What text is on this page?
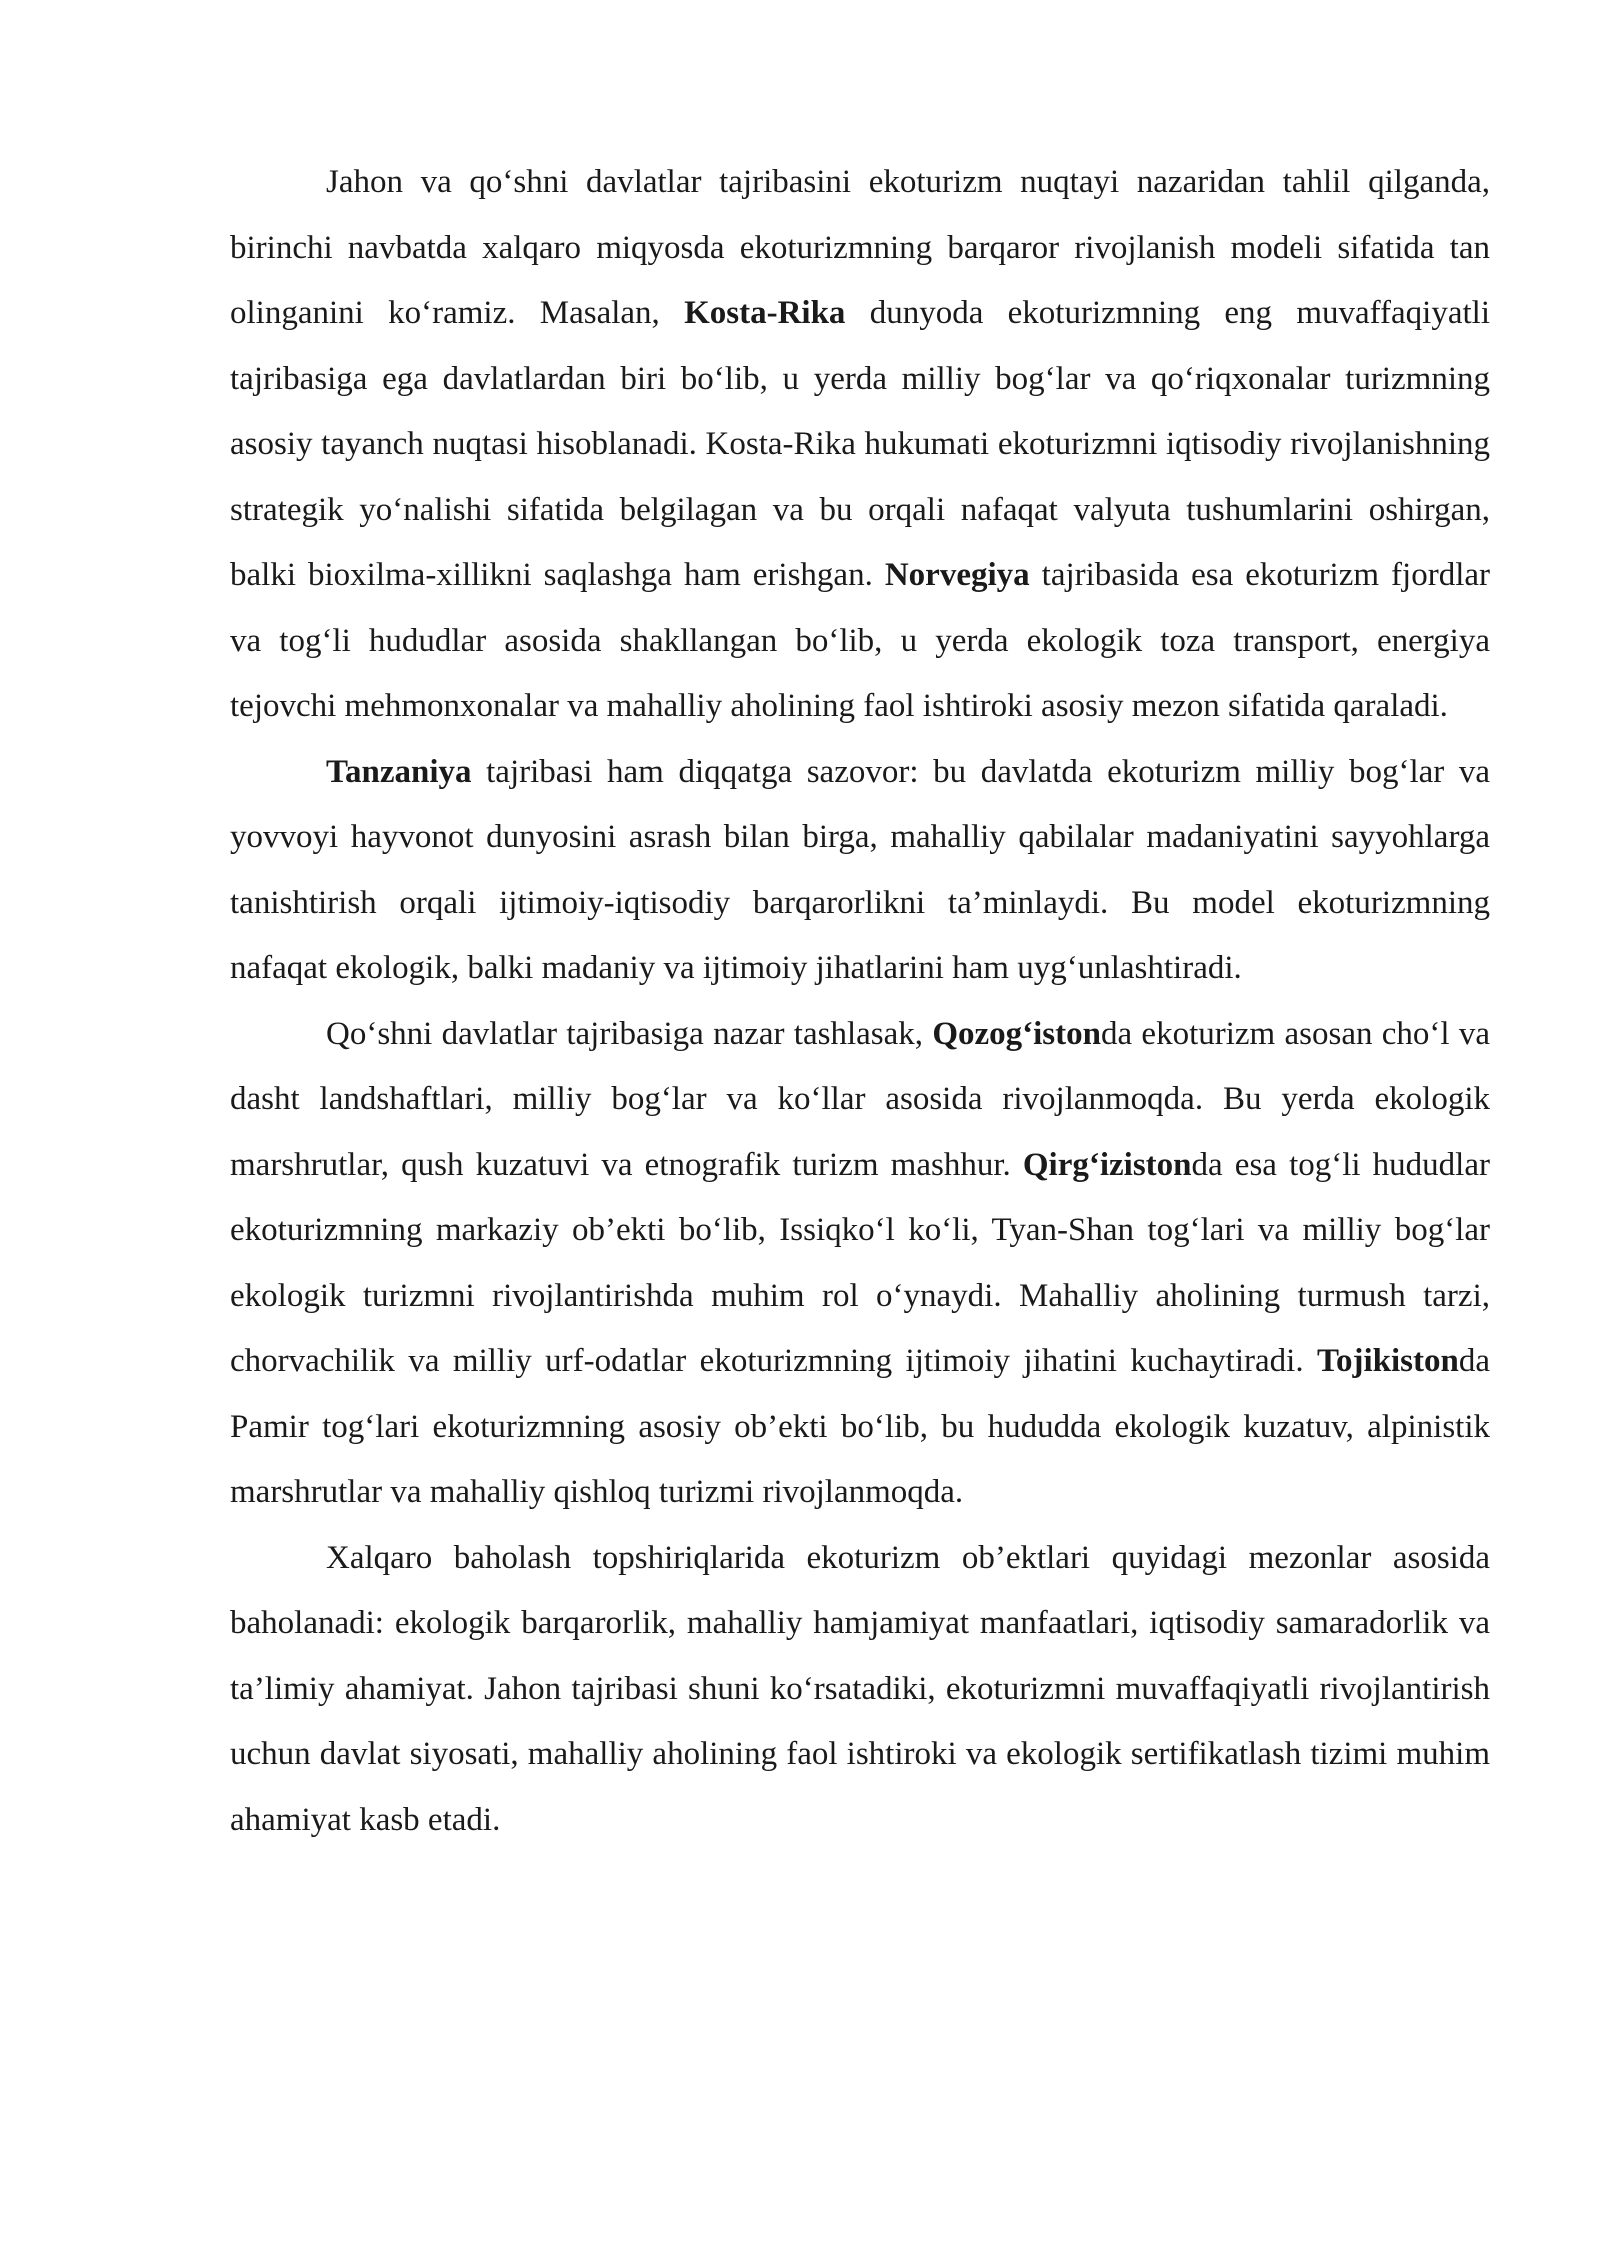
Jahon va qo‘shni davlatlar tajribasini ekoturizm nuqtayi nazaridan tahlil qilganda, birinchi navbatda xalqaro miqyosda ekoturizmning barqaror rivojlanish modeli sifatida tan olinganini ko‘ramiz. Masalan, Kosta-Rika dunyoda ekoturizmning eng muvaffaqiyatli tajribasiga ega davlatlardan biri bo‘lib, u yerda milliy bog‘lar va qo‘riqxonalar turizmning asosiy tayanch nuqtasi hisoblanadi. Kosta-Rika hukumati ekoturizmni iqtisodiy rivojlanishning strategik yo‘nalishi sifatida belgilagan va bu orqali nafaqat valyuta tushumlarini oshirgan, balki bioxilma-xillikni saqlashga ham erishgan. Norvegiya tajribasida esa ekoturizm fjordlar va tog‘li hududlar asosida shakllangan bo‘lib, u yerda ekologik toza transport, energiya tejovchi mehmonxonalar va mahalliy aholining faol ishtiroki asosiy mezon sifatida qaraladi.

Tanzaniya tajribasi ham diqqatga sazovor: bu davlatda ekoturizm milliy bog‘lar va yovvoyi hayvonot dunyosini asrash bilan birga, mahalliy qabilalar madaniyatini sayyohlarga tanishtirish orqali ijtimoiy-iqtisodiy barqarorlikni ta’minlaydi. Bu model ekoturizmning nafaqat ekologik, balki madaniy va ijtimoiy jihatlarini ham uyg‘unlashtiradi.

Qo‘shni davlatlar tajribasiga nazar tashlasak, Qozog‘istonda ekoturizm asosan cho‘l va dasht landshaftlari, milliy bog‘lar va ko‘llar asosida rivojlanmoqda. Bu yerda ekologik marshrutlar, qush kuzatuvi va etnografik turizm mashhur. Qirg‘izistonda esa tog‘li hududlar ekoturizmning markaziy ob’ekti bo‘lib, Issiqko‘l ko‘li, Tyan-Shan tog‘lari va milliy bog‘lar ekologik turizmni rivojlantirishda muhim rol o‘ynaydi. Mahalliy aholining turmush tarzi, chorvachilik va milliy urf-odatlar ekoturizmning ijtimoiy jihatini kuchaytiradi. Tojikistonda Pamir tog‘lari ekoturizmning asosiy ob’ekti bo‘lib, bu hududda ekologik kuzatuv, alpinistik marshrutlar va mahalliy qishloq turizmi rivojlanmoqda.

Xalqaro baholash topshiriqlarida ekoturizm ob’ektlari quyidagi mezonlar asosida baholanadi: ekologik barqarorlik, mahalliy hamjamiyat manfaatlari, iqtisodiy samaradorlik va ta’limiy ahamiyat. Jahon tajribasi shuni ko‘rsatadiki, ekoturizmni muvaffaqiyatli rivojlantirish uchun davlat siyosati, mahalliy aholining faol ishtiroki va ekologik sertifikatlash tizimi muhim ahamiyat kasb etadi.
